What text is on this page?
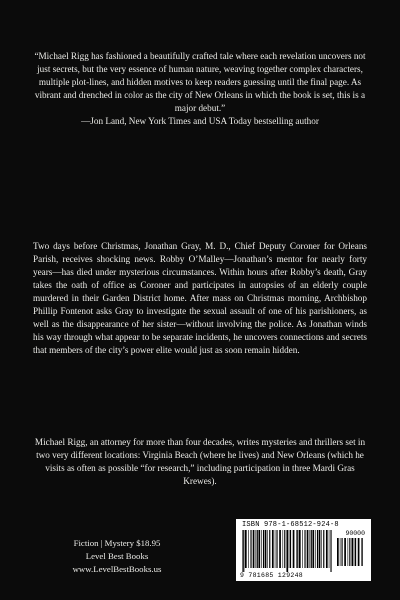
“Michael Rigg has fashioned a beautifully crafted tale where each revelation uncovers not just secrets, but the very essence of human nature, weaving together complex characters, multiple plot-lines, and hidden motives to keep readers guessing until the final page. As vibrant and drenched in color as the city of New Orleans in which the book is set, this is a major debut.”
—Jon Land, New York Times and USA Today bestselling author

Two days before Christmas, Jonathan Gray, M. D., Chief Deputy Coroner for Orleans Parish, receives shocking news. Robby O’Malley—Jonathan’s mentor for nearly forty years—has died under mysterious circumstances. Within hours after Robby’s death, Gray takes the oath of office as Coroner and participates in autopsies of an elderly couple murdered in their Garden District home. After mass on Christmas morning, Archbishop Phillip Fontenot asks Gray to investigate the sexual assault of one of his parishioners, as well as the disappearance of her sister—without involving the police. As Jonathan winds his way through what appear to be separate incidents, he uncovers connections and secrets that members of the city’s power elite would just as soon remain hidden.

Michael Rigg, an attorney for more than four decades, writes mysteries and thrillers set in two very different locations: Virginia Beach (where he lives) and New Orleans (which he visits as often as possible “for research,” including participation in three Mardi Gras Krewes).

Fiction | Mystery $18.95
Level Best Books
www.LevelBestBooks.us
ISBN 978-1-68512-924-8
90000
9 781685 129248
